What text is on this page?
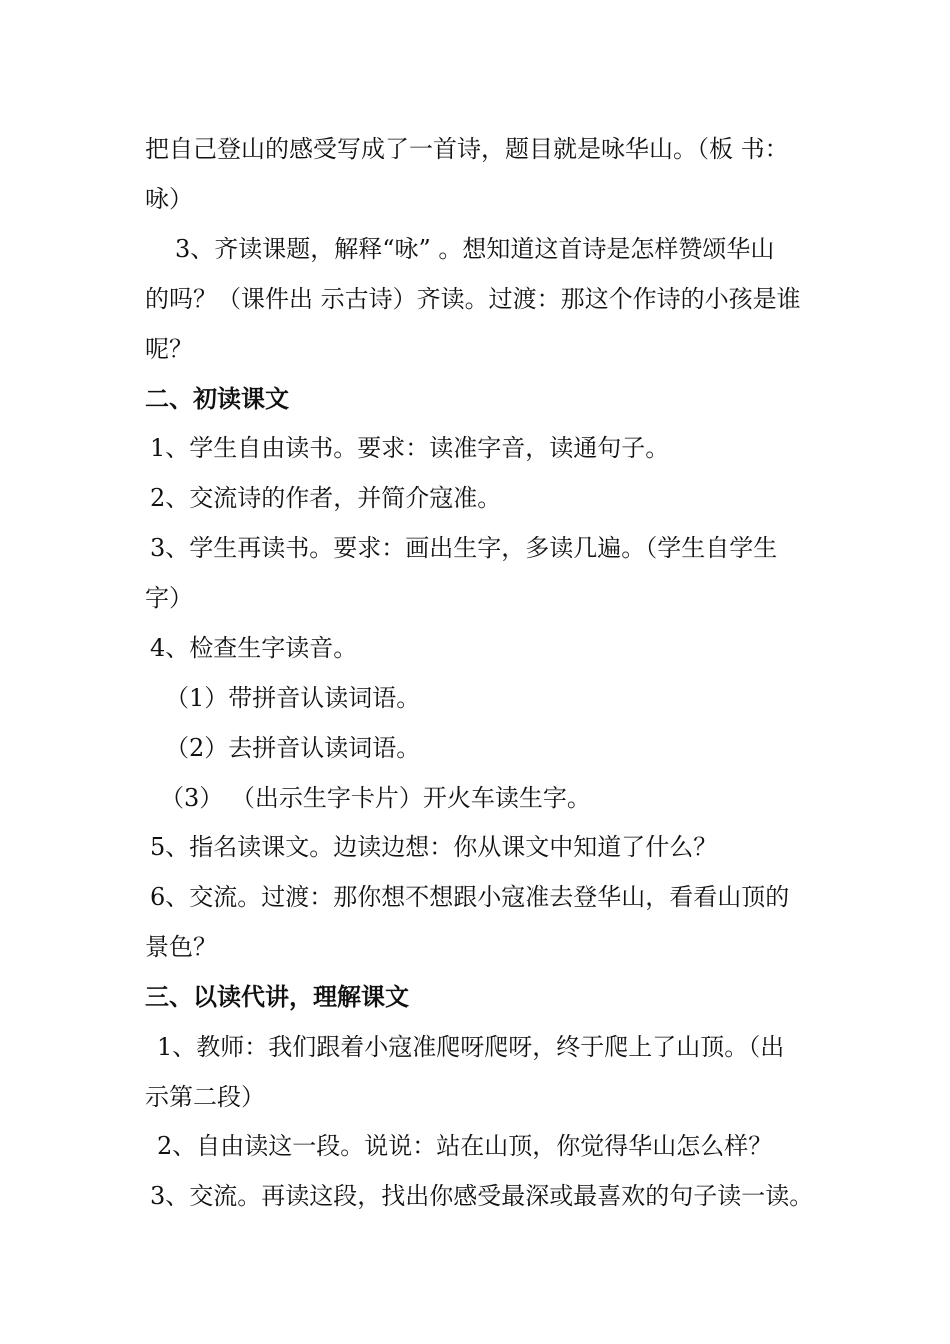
把自己登山的感受写成了一首诗，题目就是咏华山。（板 书：
咏）
3、齐读课题，解释“咏” 。想知道这首诗是怎样赞颂华山
的吗？（课件出 示古诗）齐读。过渡：那这个作诗的小孩是谁
呢？
二、初读课文
1、学生自由读书。要求：读准字音，读通句子。
2、交流诗的作者，并简介寇准。
3、学生再读书。要求：画出生字，多读几遍。（学生自学生
字）
4、检查生字读音。
（1）带拼音认读词语。
（2）去拼音认读词语。
（3） （出示生字卡片）开火车读生字。
5、指名读课文。边读边想：你从课文中知道了什么？
6、交流。过渡：那你想不想跟小寇准去登华山，看看山顶的
景色？
三、以读代讲，理解课文
1、教师：我们跟着小寇准爬呀爬呀，终于爬上了山顶。（出
示第二段）
2、自由读这一段。说说：站在山顶，你觉得华山怎么样？
3、交流。再读这段，找出你感受最深或最喜欢的句子读一读。
